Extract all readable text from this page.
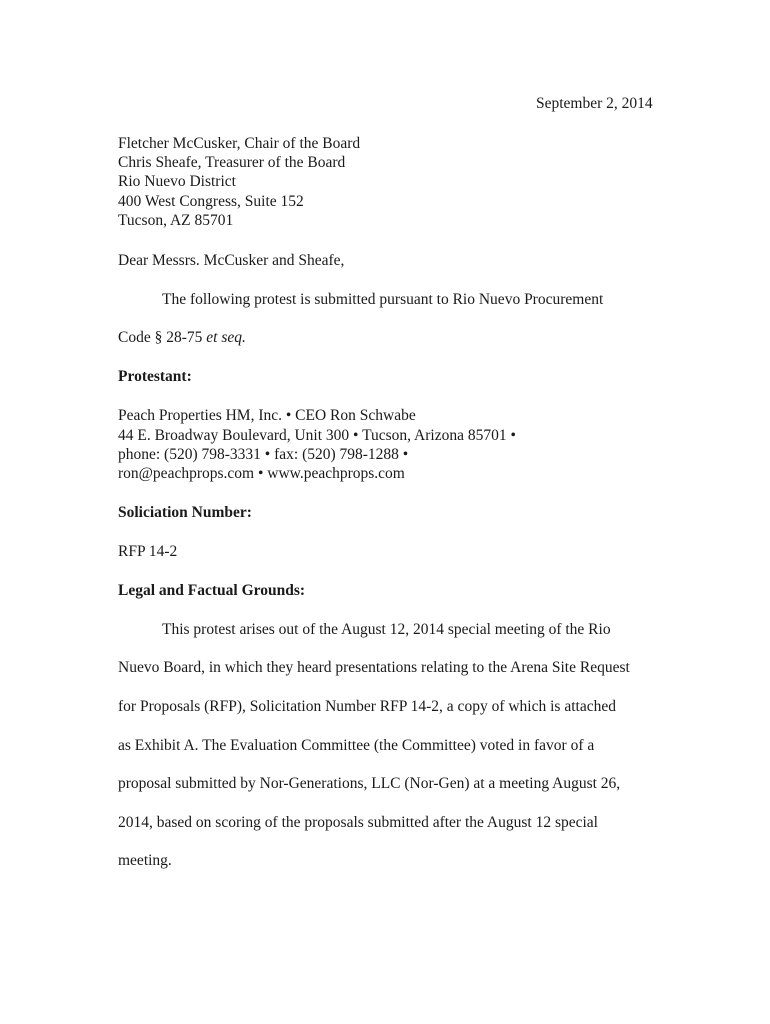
September 2, 2014
Fletcher McCusker, Chair of the Board
Chris Sheafe, Treasurer of the Board
Rio Nuevo District
400 West Congress, Suite 152
Tucson, AZ 85701
Dear Messrs. McCusker and Sheafe,
The following protest is submitted pursuant to Rio Nuevo Procurement
Code § 28-75 et seq.
Protestant:
Peach Properties HM, Inc. • CEO Ron Schwabe
44 E. Broadway Boulevard, Unit 300 • Tucson, Arizona 85701 •
phone: (520) 798-3331 • fax: (520) 798-1288 •
ron@peachprops.com • www.peachprops.com
Soliciation Number:
RFP 14-2
Legal and Factual Grounds:
This protest arises out of the August 12, 2014 special meeting of the Rio
Nuevo Board, in which they heard presentations relating to the Arena Site Request
for Proposals (RFP), Solicitation Number RFP 14-2, a copy of which is attached
as Exhibit A. The Evaluation Committee (the Committee) voted in favor of a
proposal submitted by Nor-Generations, LLC (Nor-Gen) at a meeting August 26,
2014, based on scoring of the proposals submitted after the August 12 special
meeting.
